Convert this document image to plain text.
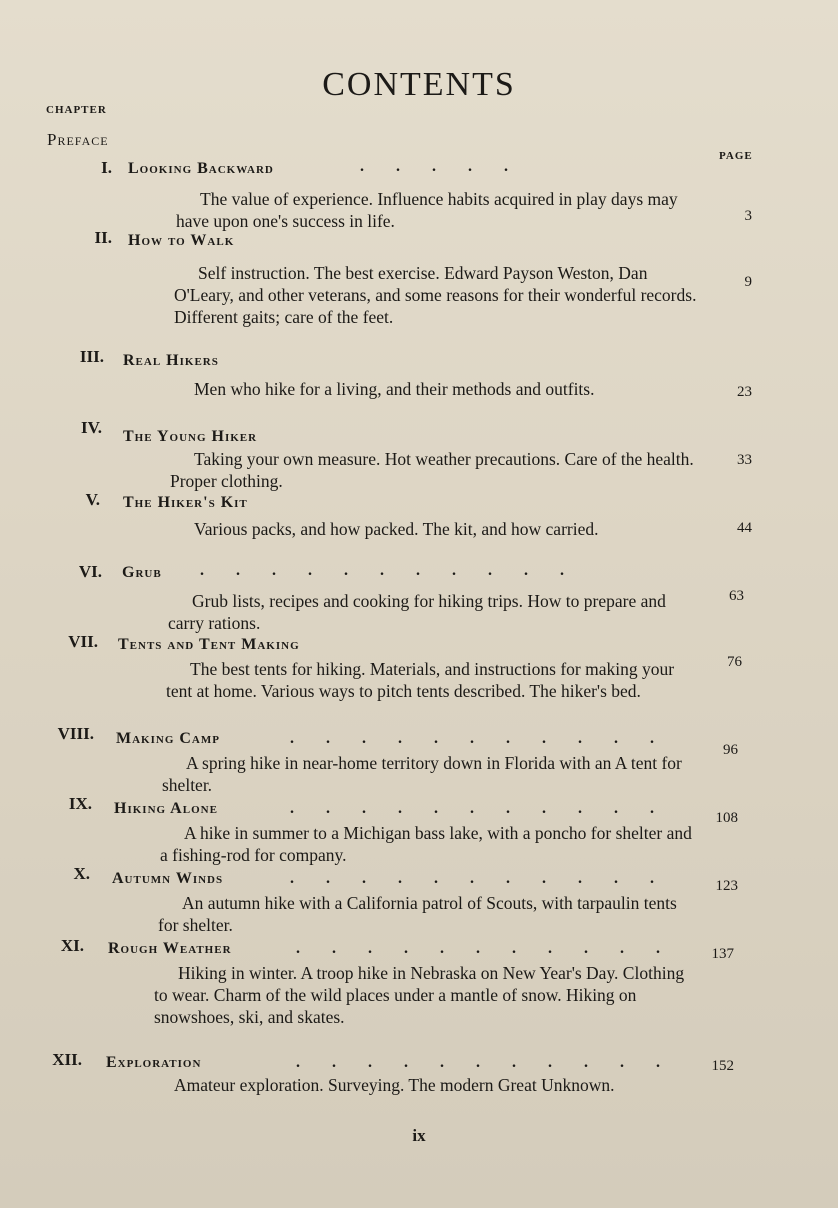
CONTENTS
CHAPTER
Preface
PAGE
I. Looking Backward	. . . . .
The value of experience. Influence habits acquired in play days may have upon one's success in life.	3
II. How to Walk
Self instruction. The best exercise. Edward Payson Weston, Dan O'Leary, and other veterans, and some reasons for their wonderful records. Different gaits; care of the feet.
9
III. Real Hikers
Men who hike for a living, and their methods and outfits.	23
IV. The Young Hiker
Taking your own measure. Hot weather precautions. Care of the health. Proper clothing.
33
V. The Hiker's Kit
Various packs, and how packed. The kit, and how carried.	44
VI. Grub . . . . . . . . . . .
Grub lists, recipes and cooking for hiking trips. How to prepare and carry rations.
63
VII. Tents and Tent Making
The best tents for hiking. Materials, and instructions for making your tent at home. Various ways to pitch tents described. The hiker's bed.
76
VIII. Making Camp	. . . . . . . . . . .
A spring hike in near-home territory down in Florida with an A tent for shelter.
96
IX. Hiking Alone	. . . . . . . . . . .
A hike in summer to a Michigan bass lake, with a poncho for shelter and a fishing-rod for company.
108
X. Autumn Winds	. . . . . . . . . . .
An autumn hike with a California patrol of Scouts, with tarpaulin tents for shelter.
123
XI. Rough Weather	. . . . . . . . . . .
Hiking in winter. A troop hike in Nebraska on New Year's Day. Clothing to wear. Charm of the wild places under a mantle of snow. Hiking on snowshoes, ski, and skates.
137
XII. Exploration	. . . . . . . . . . .
Amateur exploration. Surveying. The modern Great Unknown.
152
ix
